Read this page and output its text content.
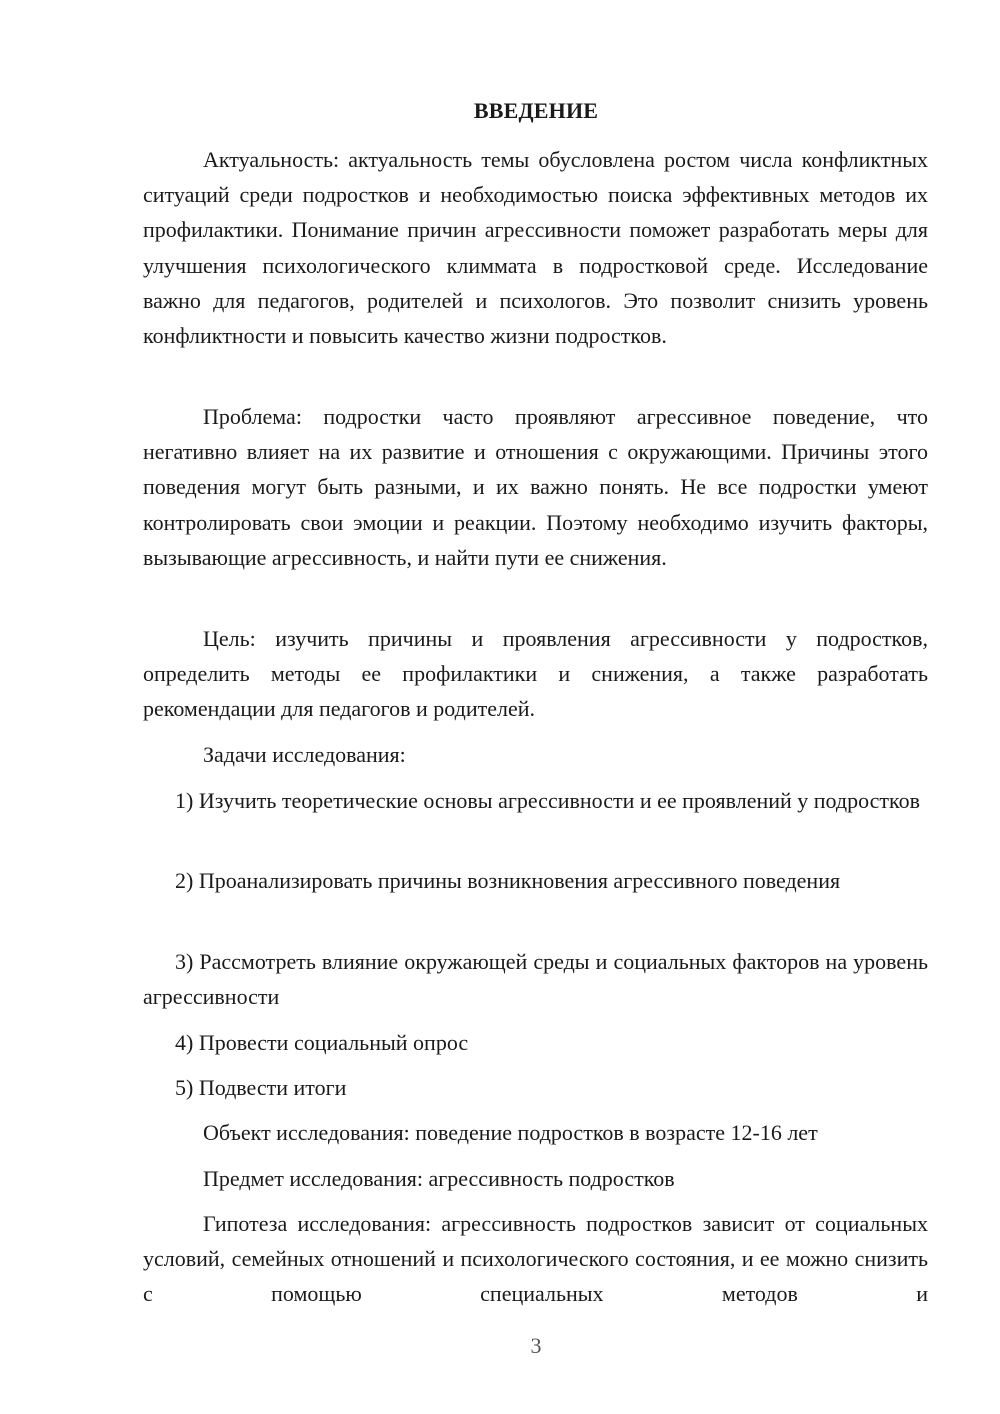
ВВЕДЕНИЕ

Актуальность: актуальность темы обусловлена ростом числа конфликтных ситуаций среди подростков и необходимостью поиска эффективных методов их профилактики. Понимание причин агрессивности поможет разработать меры для улучшения психологического климмата в подростковой среде. Исследование важно для педагогов, родителей и психологов. Это позволит снизить уровень конфликтности и повысить качество жизни подростков.

Проблема: подростки часто проявляют агрессивное поведение, что негативно влияет на их развитие и отношения с окружающими. Причины этого поведения могут быть разными, и их важно понять. Не все подростки умеют контролировать свои эмоции и реакции. Поэтому необходимо изучить факторы, вызывающие агрессивность, и найти пути ее снижения.

Цель: изучить причины и проявления агрессивности у подростков, определить методы ее профилактики и снижения, а также разработать рекомендации для педагогов и родителей.

Задачи исследования:

1) Изучить теоретические основы агрессивности и ее проявлений у подростков

2) Проанализировать причины возникновения агрессивного поведения

3) Рассмотреть влияние окружающей среды и социальных факторов на уровень агрессивности

4) Провести социальный опрос

5) Подвести итоги

Объект исследования: поведение подростков в возрасте 12-16 лет

Предмет исследования: агрессивность подростков

Гипотеза исследования: агрессивность подростков зависит от социальных условий, семейных отношений и психологического состояния, и ее можно снизить с помощью специальных методов и

3
